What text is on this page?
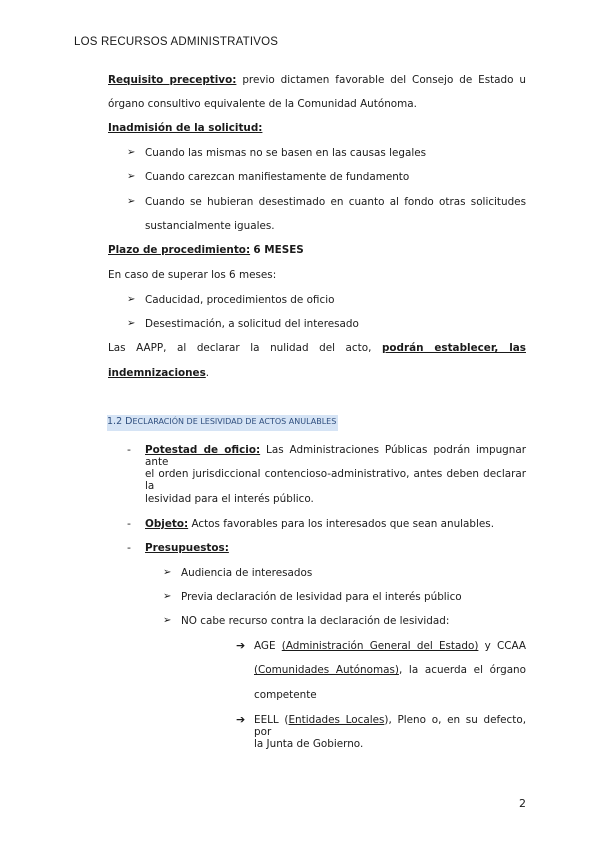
LOS RECURSOS ADMINISTRATIVOS
Requisito preceptivo: previo dictamen favorable del Consejo de Estado u
órgano consultivo equivalente de la Comunidad Autónoma.
Inadmisión de la solicitud:
➢ Cuando las mismas no se basen en las causas legales
➢ Cuando carezcan manifiestamente de fundamento
➢ Cuando se hubieran desestimado en cuanto al fondo otras solicitudes
sustancialmente iguales.
Plazo de procedimiento: 6 MESES
En caso de superar los 6 meses:
➢ Caducidad, procedimientos de oficio
➢ Desestimación, a solicitud del interesado
Las AAPP, al declarar la nulidad del acto, podrán establecer, las
indemnizaciones.
1.2 DECLARACIÓN DE LESIVIDAD DE ACTOS ANULABLES
- Potestad de oficio: Las Administraciones Públicas podrán impugnar ante
el orden jurisdiccional contencioso-administrativo, antes deben declarar la
lesividad para el interés público.
- Objeto: Actos favorables para los interesados que sean anulables.
- Presupuestos:
➢ Audiencia de interesados
➢ Previa declaración de lesividad para el interés público
➢ NO cabe recurso contra la declaración de lesividad:
➔ AGE (Administración General del Estado) y CCAA
(Comunidades Autónomas), la acuerda el órgano
competente
➔ EELL (Entidades Locales), Pleno o, en su defecto, por
la Junta de Gobierno.
2
